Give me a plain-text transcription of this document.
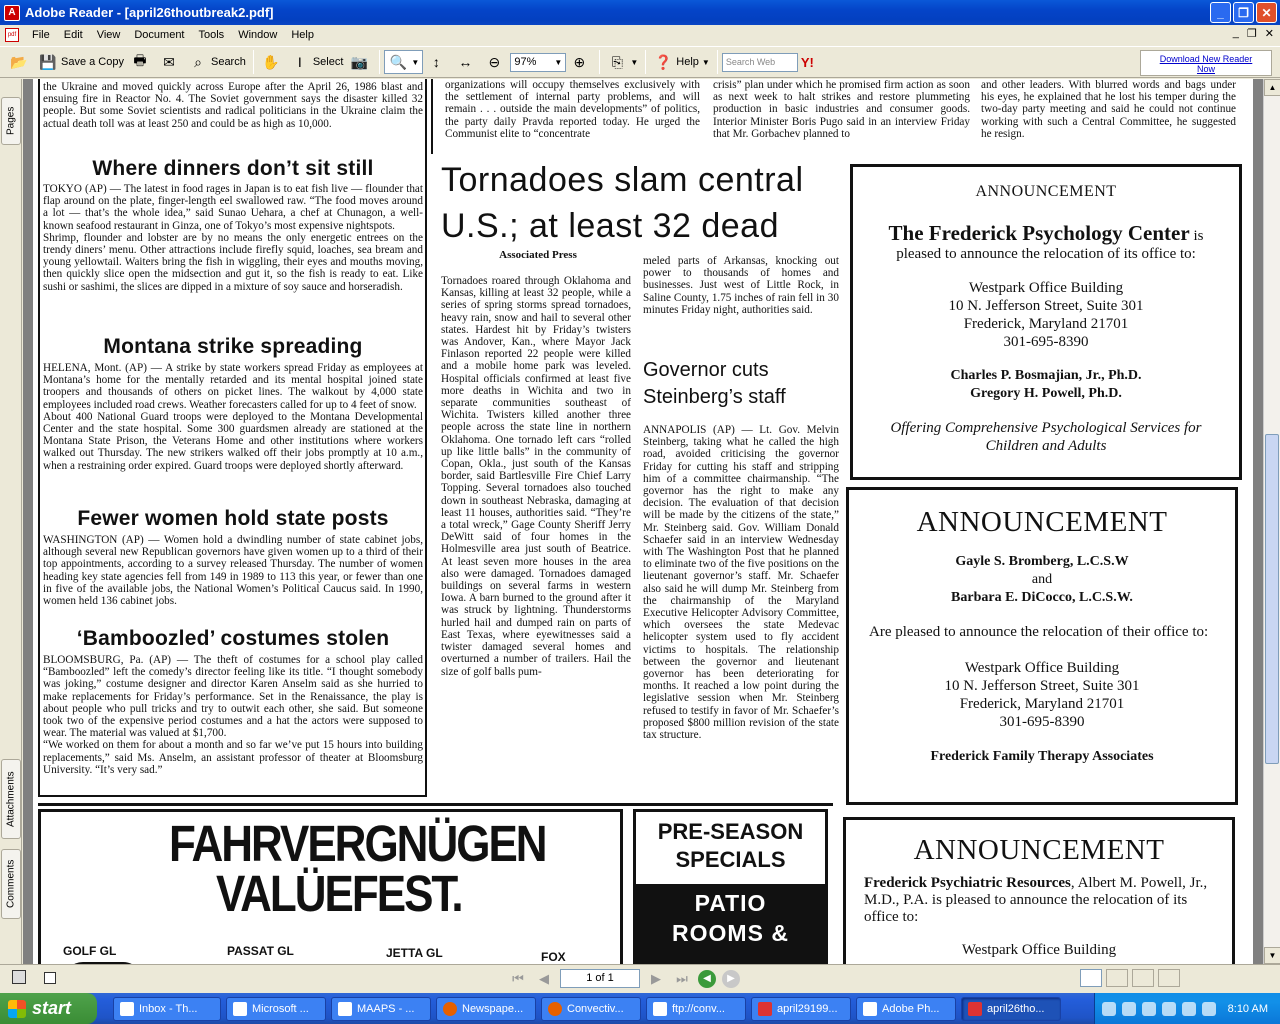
A Adobe Reader - [april26thoutbreak2.pdf]	_	❐	✕
pdf	File	Edit	View	Document	Tools	Window	Help	_ ❐ ✕
📂 💾 Save a Copy 🖶 ✉	⌕ Search ✋	I	Select 📷 🔍 ▼ ↕	↔ ⊖	97% ▼ ⊕	⎘ ▼ ❓ Help ▼	Search Web	Y!	Download New Reader
Now
Pages
Attachments
Comments

the Ukraine and moved quickly across Europe after the April 26, 1986 blast and ensuing fire in Reactor No. 4. The Soviet government says the disaster killed 32 people. But some Soviet scientists and radical politicians in the Ukraine claim the actual death toll was at least 250 and could be as high as 10,000.

Where dinners don’t sit still

TOKYO (AP) — The latest in food rages in Japan is to eat fish live — flounder that flap around on the plate, finger-length eel swallowed raw. “The food moves around a lot — that’s the whole idea,” said Sunao Uehara, a chef at Chunagon, a well-known seafood restaurant in Ginza, one of Tokyo’s most expensive nightspots.

Shrimp, flounder and lobster are by no means the only energetic entrees on the trendy diners’ menu. Other attractions include firefly squid, loaches, sea bream and young yellowtail. Waiters bring the fish in wiggling, their eyes and mouths moving, then quickly slice open the midsection and gut it, so the fish is ready to eat. Like sushi or sashimi, the slices are dipped in a mixture of soy sauce and horseradish.

Montana strike spreading

HELENA, Mont. (AP) — A strike by state workers spread Friday as employees at Montana’s home for the mentally retarded and its mental hospital joined state troopers and thousands of others on picket lines. The walkout by 4,000 state employees included road crews. Weather forecasters called for up to 4 feet of snow.

About 400 National Guard troops were deployed to the Montana Developmental Center and the state hospital. Some 300 guardsmen already are stationed at the Montana State Prison, the Veterans Home and other institutions where workers walked out Thursday. The new strikers walked off their jobs promptly at 10 a.m., when a restraining order expired. Guard troops were deployed shortly afterward.

Fewer women hold state posts

WASHINGTON (AP) — Women hold a dwindling number of state cabinet jobs, although several new Republican governors have given women up to a third of their top appointments, according to a survey released Thursday. The number of women heading key state agencies fell from 149 in 1989 to 113 this year, or fewer than one in five of the available jobs, the National Women’s Political Caucus said. In 1990, women held 136 cabinet jobs.

‘Bamboozled’ costumes stolen

BLOOMSBURG, Pa. (AP) — The theft of costumes for a school play called “Bamboozled” left the comedy’s director feeling like its title. “I thought somebody was joking,” costume designer and director Karen Anselm said as she hurried to make replacements for Friday’s performance. Set in the Renaissance, the play is about people who pull tricks and try to outwit each other, she said. But someone took two of the expensive period costumes and a hat the actors were supposed to wear. The material was valued at $1,700.

“We worked on them for about a month and so far we’ve put 15 hours into building replacements,” said Ms. Anselm, an assistant professor of theater at Bloomsburg University. “It’s very sad.”

organizations will occupy themselves exclusively with the settlement of internal party problems, and will remain . . . outside the main developments” of politics, the party daily Pravda reported today. He urged the Communist elite to “concentrate

crisis” plan under which he promised firm action as soon as next week to halt strikes and restore plummeting production in basic industries and consumer goods. Interior Minister Boris Pugo said in an interview Friday that Mr. Gorbachev planned to

and other leaders. With blurred words and bags under his eyes, he explained that he lost his temper during the two-day party meeting and said he could not continue working with such a Central Committee, he suggested he resign.

Tornadoes slam central U.S.; at least 32 dead
Associated Press

Tornadoes roared through Oklahoma and Kansas, killing at least 32 people, while a series of spring storms spread tornadoes, heavy rain, snow and hail to several other states. Hardest hit by Friday’s twisters was Andover, Kan., where Mayor Jack Finlason reported 22 people were killed and a mobile home park was leveled. Hospital officials confirmed at least five more deaths in Wichita and two in separate communities southeast of Wichita. Twisters killed another three people across the state line in northern Oklahoma. One tornado left cars “rolled up like little balls” in the community of Copan, Okla., just south of the Kansas border, said Bartlesville Fire Chief Larry Topping. Several tornadoes also touched down in southeast Nebraska, damaging at least 11 houses, authorities said. “They’re a total wreck,” Gage County Sheriff Jerry DeWitt said of four homes in the Holmesville area just south of Beatrice. At least seven more houses in the area also were damaged. Tornadoes damaged buildings on several farms in western Iowa. A barn burned to the ground after it was struck by lightning. Thunderstorms hurled hail and dumped rain on parts of East Texas, where eyewitnesses said a twister damaged several homes and overturned a number of trailers. Hail the size of golf balls pum-

meled parts of Arkansas, knocking out power to thousands of homes and businesses. Just west of Little Rock, in Saline County, 1.75 inches of rain fell in 30 minutes Friday night, authorities said.

Governor cuts Steinberg’s staff

ANNAPOLIS (AP) — Lt. Gov. Melvin Steinberg, taking what he called the high road, avoided criticising the governor Friday for cutting his staff and stripping him of a committee chairmanship. “The governor has the right to make any decision. The evaluation of that decision will be made by the citizens of the state,” Mr. Steinberg said. Gov. William Donald Schaefer said in an interview Wednesday with The Washington Post that he planned to eliminate two of the five positions on the lieutenant governor’s staff. Mr. Schaefer also said he will dump Mr. Steinberg from the chairmanship of the Maryland Executive Helicopter Advisory Committee, which oversees the state Medevac helicopter system used to fly accident victims to hospitals. The relationship between the governor and lieutenant governor has been deteriorating for months. It reached a low point during the legislative session when Mr. Steinberg refused to testify in favor of Mr. Schaefer’s proposed $800 million revision of the state tax structure.

ANNOUNCEMENT
The Frederick Psychology Center is
pleased to announce the relocation of its office to:
Westpark Office Building
10 N. Jefferson Street, Suite 301
Frederick, Maryland 21701
301-695-8390
Charles P. Bosmajian, Jr., Ph.D.
Gregory H. Powell, Ph.D.
Offering Comprehensive Psychological Services for Children and Adults
ANNOUNCEMENT
Gayle S. Bromberg, L.C.S.W
and
Barbara E. DiCocco, L.C.S.W.
Are pleased to announce the relocation of their office to:
Westpark Office Building
10 N. Jefferson Street, Suite 301
Frederick, Maryland 21701
301-695-8390
Frederick Family Therapy Associates
ANNOUNCEMENT
Frederick Psychiatric Resources, Albert M. Powell, Jr., M.D., P.A. is pleased to announce the relocation of its office to:
Westpark Office Building
FAHRVERGNÜGEN
VALÜEFEST.
GOLF GL	PASSAT GL	JETTA GL	FOX
PRE-SEASON
SPECIALS
PATIO
ROOMS &
▲
▼
⏮	◀	1 of 1	▶	⏭	◀	▶
start	Inbox - Th...	Microsoft ...	MAAPS - ...	Newspape...	Convectiv...	ftp://conv...	april29199...	Adobe Ph...	april26tho...	8:10 AM
